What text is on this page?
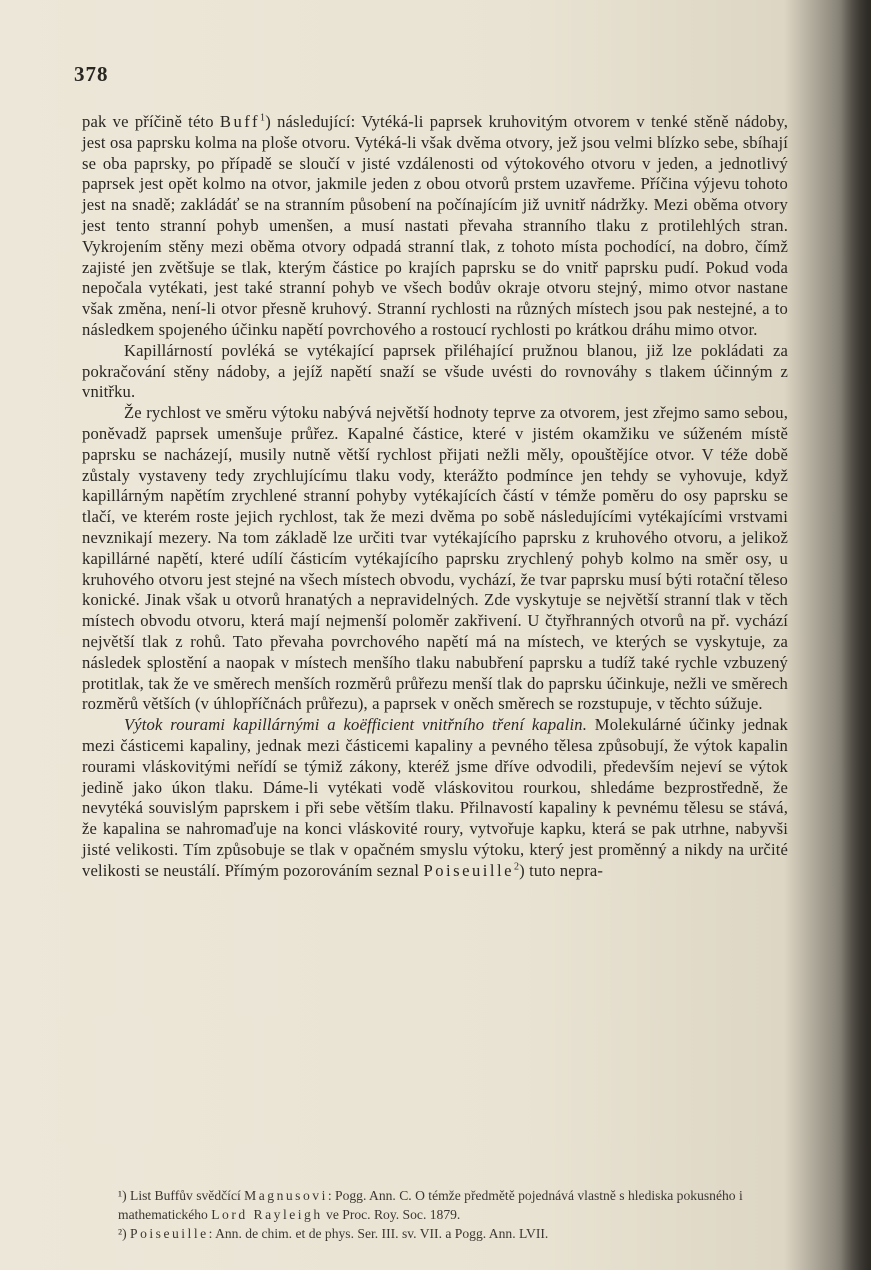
378

pak ve příčině této Buff$^1$) následující: Vytéká-li paprsek kruhovitým otvorem v tenké stěně nádoby, jest osa paprsku kolma na ploše otvoru. Vytéká-li však dvěma otvory, jež jsou velmi blízko sebe, sbíhají se oba paprsky, po případě se sloučí v jisté vzdálenosti od výtokového otvoru v jeden, a jednotlivý paprsek jest opět kolmo na otvor, jakmile jeden z obou otvorů prstem uzavřeme. Příčina výjevu tohoto jest na snadě; zakládáť se na stranním působení na počínajícím již uvnitř nádržky. Mezi oběma otvory jest tento stranní pohyb umenšen, a musí nastati převaha stranního tlaku z protilehlých stran. Vykrojením stěny mezi oběma otvory odpadá stranní tlak, z tohoto místa pochodící, na dobro, čímž zajisté jen zvětšuje se tlak, kterým částice po krajích paprsku se do vnitř paprsku pudí. Pokud voda nepočala vytékati, jest také stranní pohyb ve všech bodův okraje otvoru stejný, mimo otvor nastane však změna, není-li otvor přesně kruhový. Stranní rychlosti na různých místech jsou pak nestejné, a to následkem spojeného účinku napětí povrchového a rostoucí rychlosti po krátkou dráhu mimo otvor.

Kapillárností povléká se vytékající paprsek přiléhající pružnou blanou, již lze pokládati za pokračování stěny nádoby, a jejíž napětí snaží se všude uvésti do rovnováhy s tlakem účinným z vnitřku.

Že rychlost ve směru výtoku nabývá největší hodnoty teprve za otvorem, jest zřejmo samo sebou, poněvadž paprsek umenšuje průřez. Kapalné částice, které v jistém okamžiku ve súženém místě paprsku se nacházejí, musily nutně větší rychlost přijati nežli měly, opouštějíce otvor. V téže době zůstaly vystaveny tedy zrychlujícímu tlaku vody, kterážto podmínce jen tehdy se vyhovuje, když kapillárným napětím zrychlené stranní pohyby vytékajících částí v témže poměru do osy paprsku se tlačí, ve kterém roste jejich rychlost, tak že mezi dvěma po sobě následujícími vytékajícími vrstvami nevznikají mezery. Na tom základě lze určiti tvar vytékajícího paprsku z kruhového otvoru, a jelikož kapillárné napětí, které udílí částicím vytékajícího paprsku zrychlený pohyb kolmo na směr osy, u kruhového otvoru jest stejné na všech místech obvodu, vychází, že tvar paprsku musí býti rotační těleso konické. Jinak však u otvorů hranatých a nepravidelných. Zde vyskytuje se největší stranní tlak v těch místech obvodu otvoru, která mají nejmenší poloměr zakřivení. U čtyřhranných otvorů na př. vychází největší tlak z rohů. Tato převaha povrchového napětí má na místech, ve kterých se vyskytuje, za následek splostění a naopak v místech menšího tlaku nabubření paprsku a tudíž také rychle vzbuzený protitlak, tak že ve směrech menších rozměrů průřezu menší tlak do paprsku účinkuje, nežli ve směrech rozměrů větších (v úhlopříčnách průřezu), a paprsek v oněch směrech se rozstupuje, v těchto súžuje.

Výtok rourami kapillárnými a koëfficient vnitřního tření kapalin. Molekulárné účinky jednak mezi částicemi kapaliny, jednak mezi částicemi kapaliny a pevného tělesa způsobují, že výtok kapalin rourami vláskovitými neřídí se týmiž zákony, kteréž jsme dříve odvodili, především nejeví se výtok jedině jako úkon tlaku. Dáme-li vytékati vodě vláskovitou rourkou, shledáme bezprostředně, že nevytéká souvislým paprskem i při sebe větším tlaku. Přilnavostí kapaliny k pevnému tělesu se stává, že kapalina se nahromaďuje na konci vláskovité roury, vytvořuje kapku, která se pak utrhne, nabyvši jisté velikosti. Tím způsobuje se tlak v opačném smyslu výtoku, který jest proměnný a nikdy na určité velikosti se neustálí. Přímým pozorováním seznal Poiseuille$^2$) tuto nepra-

¹) List Buffův svědčící Magnusovi: Pogg. Ann. C. O témže předmětě pojednává vlastně s hlediska pokusného i mathematického Lord Rayleigh ve Proc. Roy. Soc. 1879.

²) Poiseuille: Ann. de chim. et de phys. Ser. III. sv. VII. a Pogg. Ann. LVII.
